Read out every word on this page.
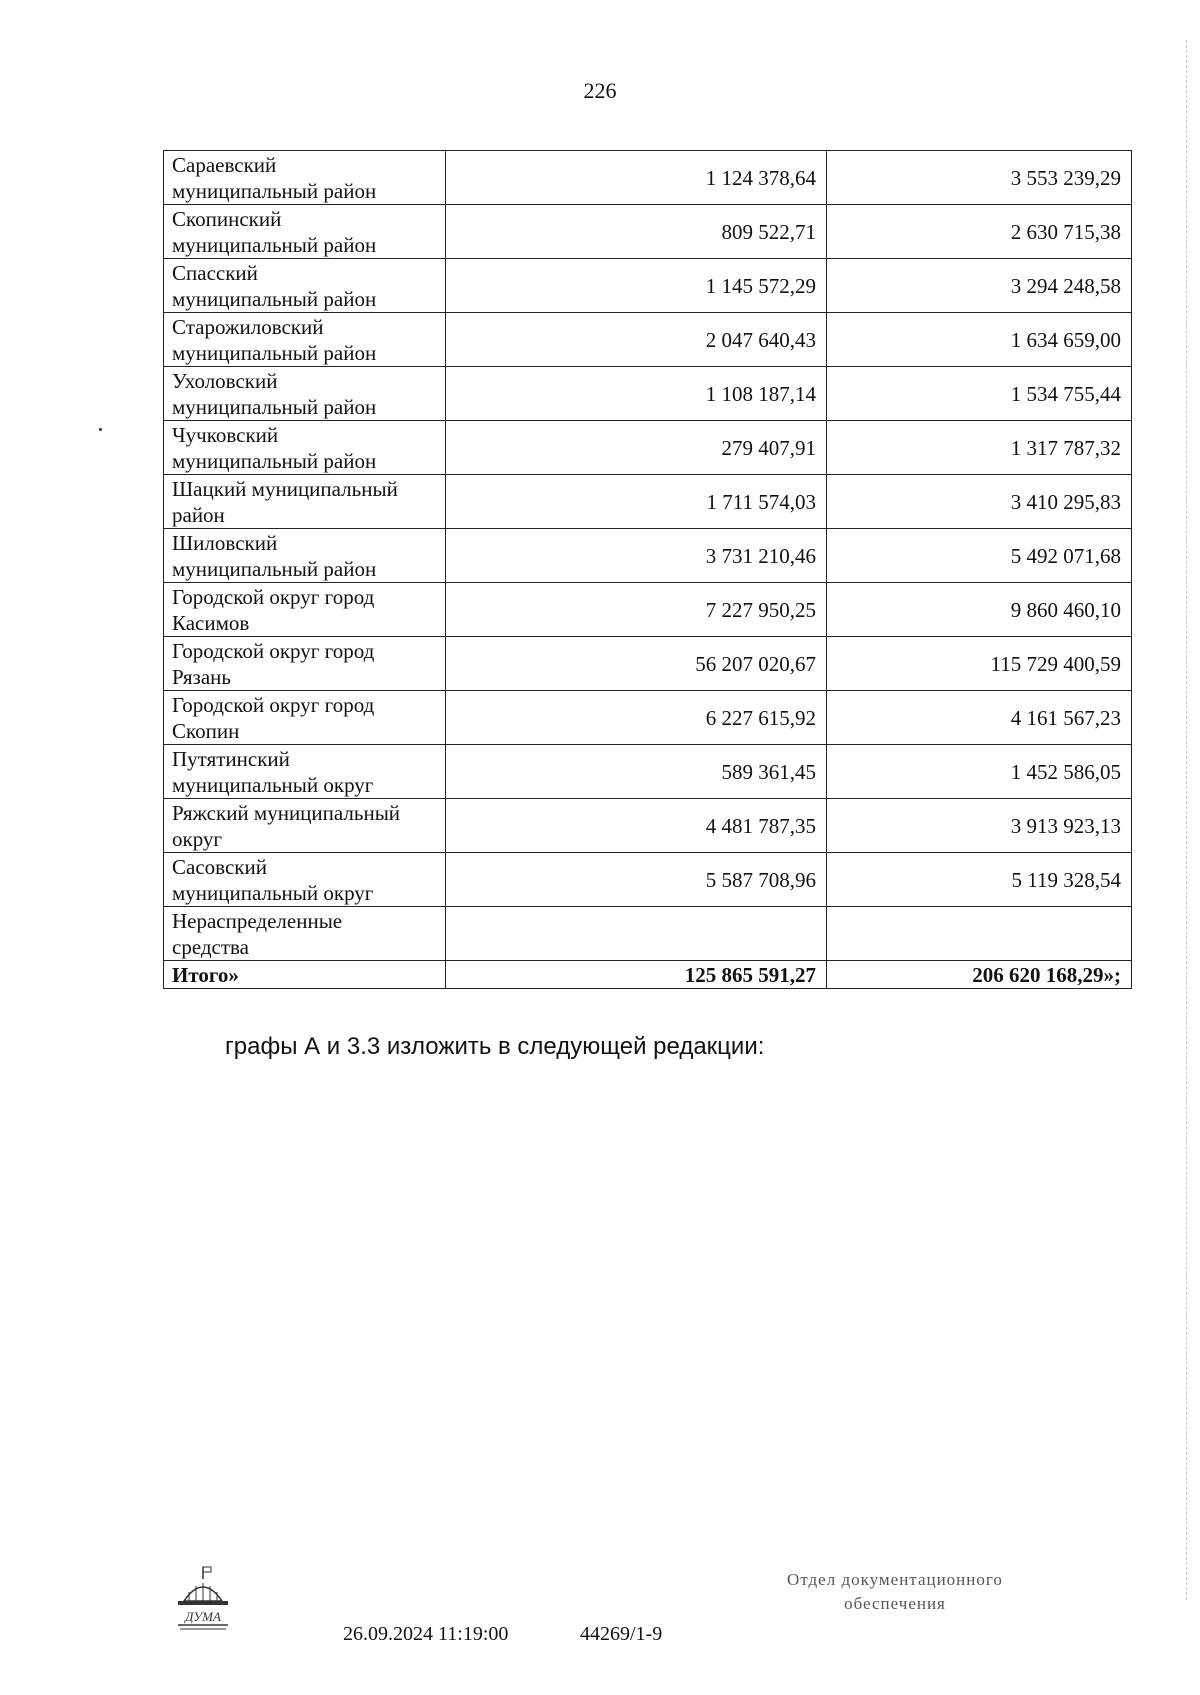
226
Сараевский
муниципальный район	1 124 378,64	3 553 239,29

Скопинский
муниципальный район	809 522,71	2 630 715,38

Спасский
муниципальный район	1 145 572,29	3 294 248,58

Старожиловский
муниципальный район	2 047 640,43	1 634 659,00

Ухоловский
муниципальный район	1 108 187,14	1 534 755,44

Чучковский
муниципальный район	279 407,91	1 317 787,32

Шацкий муниципальный
район	1 711 574,03	3 410 295,83

Шиловский
муниципальный район	3 731 210,46	5 492 071,68

Городской округ город
Касимов	7 227 950,25	9 860 460,10

Городской округ город
Рязань	56 207 020,67	115 729 400,59

Городской округ город
Скопин	6 227 615,92	4 161 567,23

Путятинский
муниципальный округ	589 361,45	1 452 586,05

Ряжский муниципальный
округ	4 481 787,35	3 913 923,13

Сасовский
муниципальный округ	5 587 708,96	5 119 328,54

Нераспределенные
средства		

Итого»	125 865 591,27	206 620 168,29»;
графы А и 3.3 изложить в следующей редакции:
ДУМА
26.09.2024 11:19:00	44269/1-9
Отдел документационного
обеспечения
